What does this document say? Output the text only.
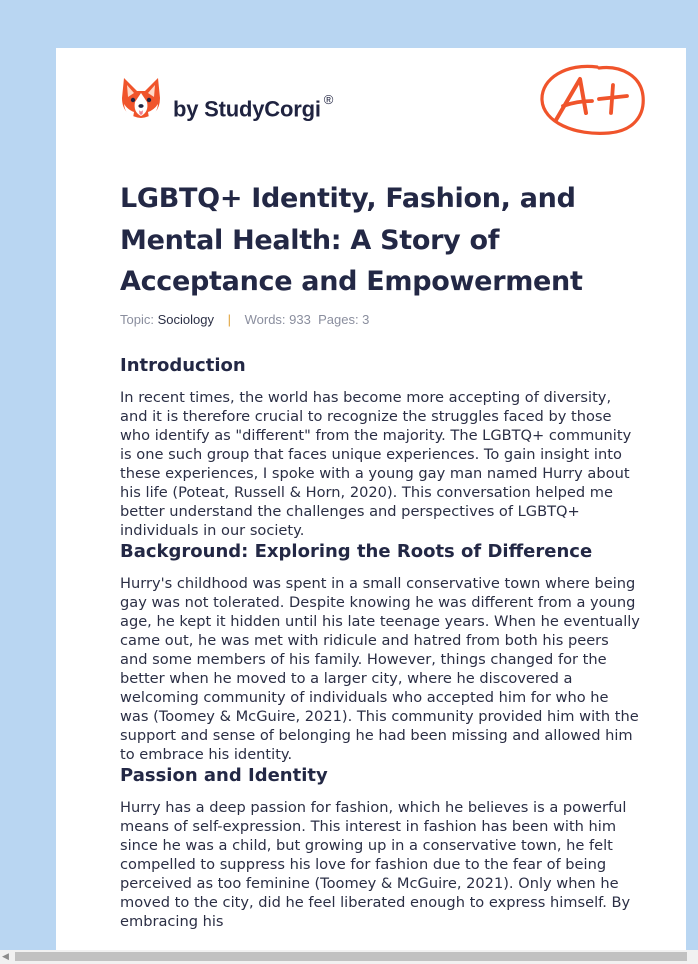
by StudyCorgi ®
LGBTQ+ Identity, Fashion, and Mental Health: A Story of Acceptance and Empowerment
Topic: Sociology | Words: 933 Pages: 3
Introduction

In recent times, the world has become more accepting of diversity, and it is therefore crucial to recognize the struggles faced by those who identify as "different" from the majority. The LGBTQ+ community is one such group that faces unique experiences. To gain insight into these experiences, I spoke with a young gay man named Hurry about his life (Poteat, Russell & Horn, 2020). This conversation helped me better understand the challenges and perspectives of LGBTQ+ individuals in our society.

Background: Exploring the Roots of Difference

Hurry's childhood was spent in a small conservative town where being gay was not tolerated. Despite knowing he was different from a young age, he kept it hidden until his late teenage years. When he eventually came out, he was met with ridicule and hatred from both his peers and some members of his family. However, things changed for the better when he moved to a larger city, where he discovered a welcoming community of individuals who accepted him for who he was (Toomey & McGuire, 2021). This community provided him with the support and sense of belonging he had been missing and allowed him to embrace his identity.

Passion and Identity

Hurry has a deep passion for fashion, which he believes is a powerful means of self-expression. This interest in fashion has been with him since he was a child, but growing up in a conservative town, he felt compelled to suppress his love for fashion due to the fear of being perceived as too feminine (Toomey & McGuire, 2021). Only when he moved to the city, did he feel liberated enough to express himself. By embracing his

◀
